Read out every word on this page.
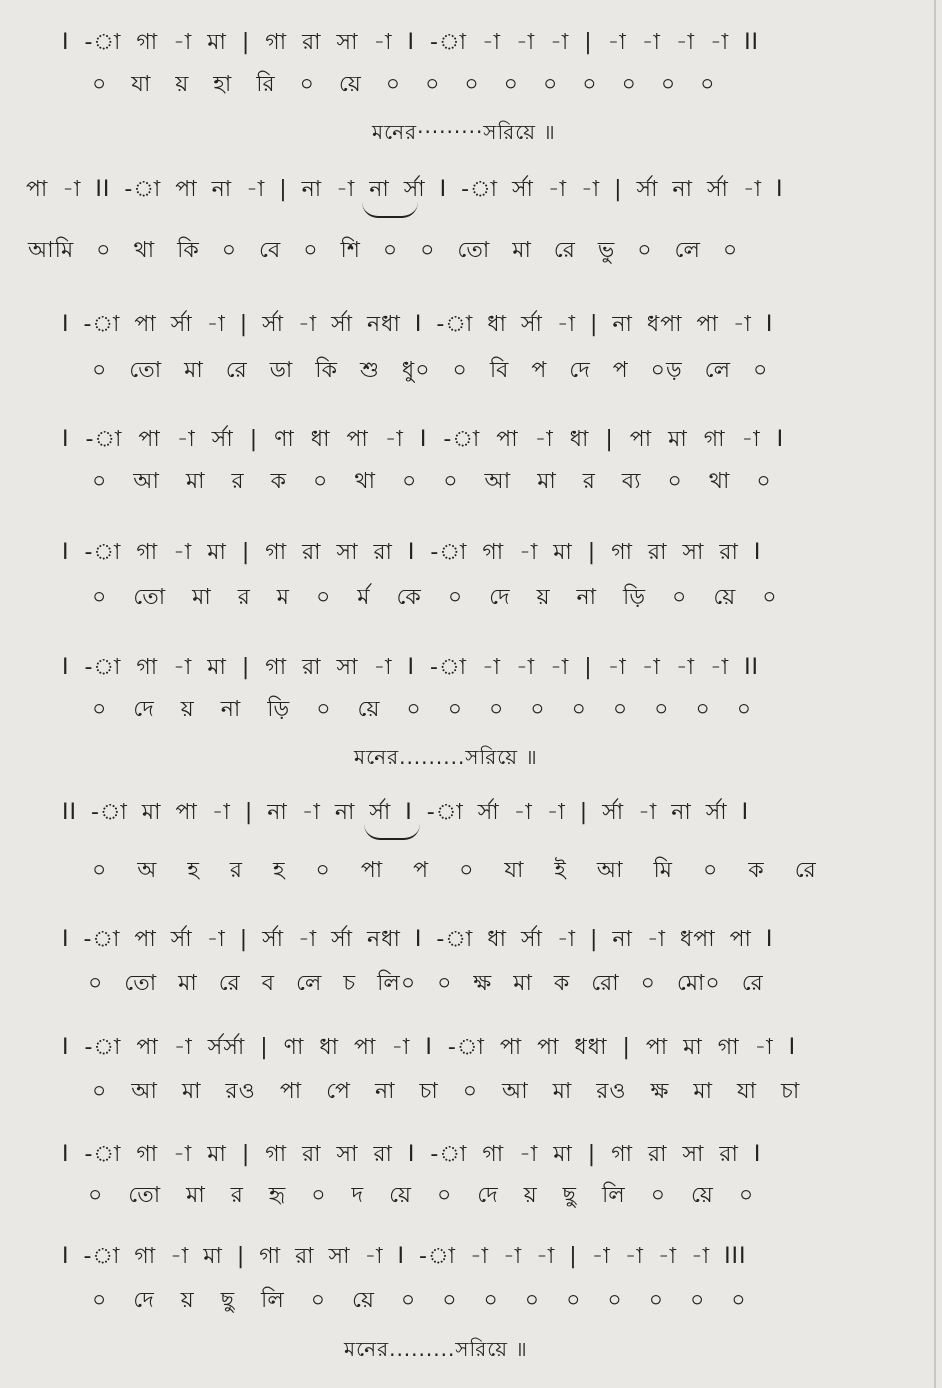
I -া গা -া মা | গা রা সা -া I -া -া -া -া | -া -া -া -া II
০ যা য় হা রি ০ য়ে ০ ০ ০ ০ ০ ০ ০ ০ ০
মনের·········সরিয়ে ॥
পা -া II -া পা না -া | না -া না র্সা I -া র্সা -া -া | র্সা না র্সা -া I
আমি ০ থা কি ০ বে ০ শি ০ ০ তো মা রে ভু ০ লে ০
I -া পা র্সা -া | র্সা -া র্সা নধা I -া ধা র্সা -া | না ধপা পা -া I
০ তো মা রে ডা কি শু ধু০ ০ বি প দে প ০ড় লে ০
I -া পা -া র্সা | ণা ধা পা -া I -া পা -া ধা | পা মা গা -া I
০ আ মা র ক ০ থা ০ ০ আ মা র ব্য ০ থা ০
I -া গা -া মা | গা রা সা রা I -া গা -া মা | গা রা সা রা I
০ তো মা র ম ০ র্ম কে ০ দে য় না ড়ি ০ য়ে ০
I -া গা -া মা | গা রা সা -া I -া -া -া -া | -া -া -া -া II
০ দে য় না ড়ি ০ য়ে ০ ০ ০ ০ ০ ০ ০ ০ ০
মনের.........সরিয়ে ॥
II -া মা পা -া | না -া না র্সা I -া র্সা -া -া | র্সা -া না র্সা I
০ অ হ র হ ০ পা প ০ যা ই আ মি ০ ক রে
I -া পা র্সা -া | র্সা -া র্সা নধা I -া ধা র্সা -া | না -া ধপা পা I
০ তো মা রে ব লে চ লি০ ০ ক্ষ মা ক রো ০ মো০ রে
I -া পা -া র্সর্সা | ণা ধা পা -া I -া পা পা ধধা | পা মা গা -া I
০ আ মা রও পা পে না চা ০ আ মা রও ক্ষ মা যা চা
I -া গা -া মা | গা রা সা রা I -া গা -া মা | গা রা সা রা I
০ তো মা র হৃ ০ দ য়ে ০ দে য় ছু লি ০ য়ে ০
I -া গা -া মা | গা রা সা -া I -া -া -া -া | -া -া -া -া III
০ দে য় ছু লি ০ য়ে ০ ০ ০ ০ ০ ০ ০ ০ ০
মনের.........সরিয়ে ॥
